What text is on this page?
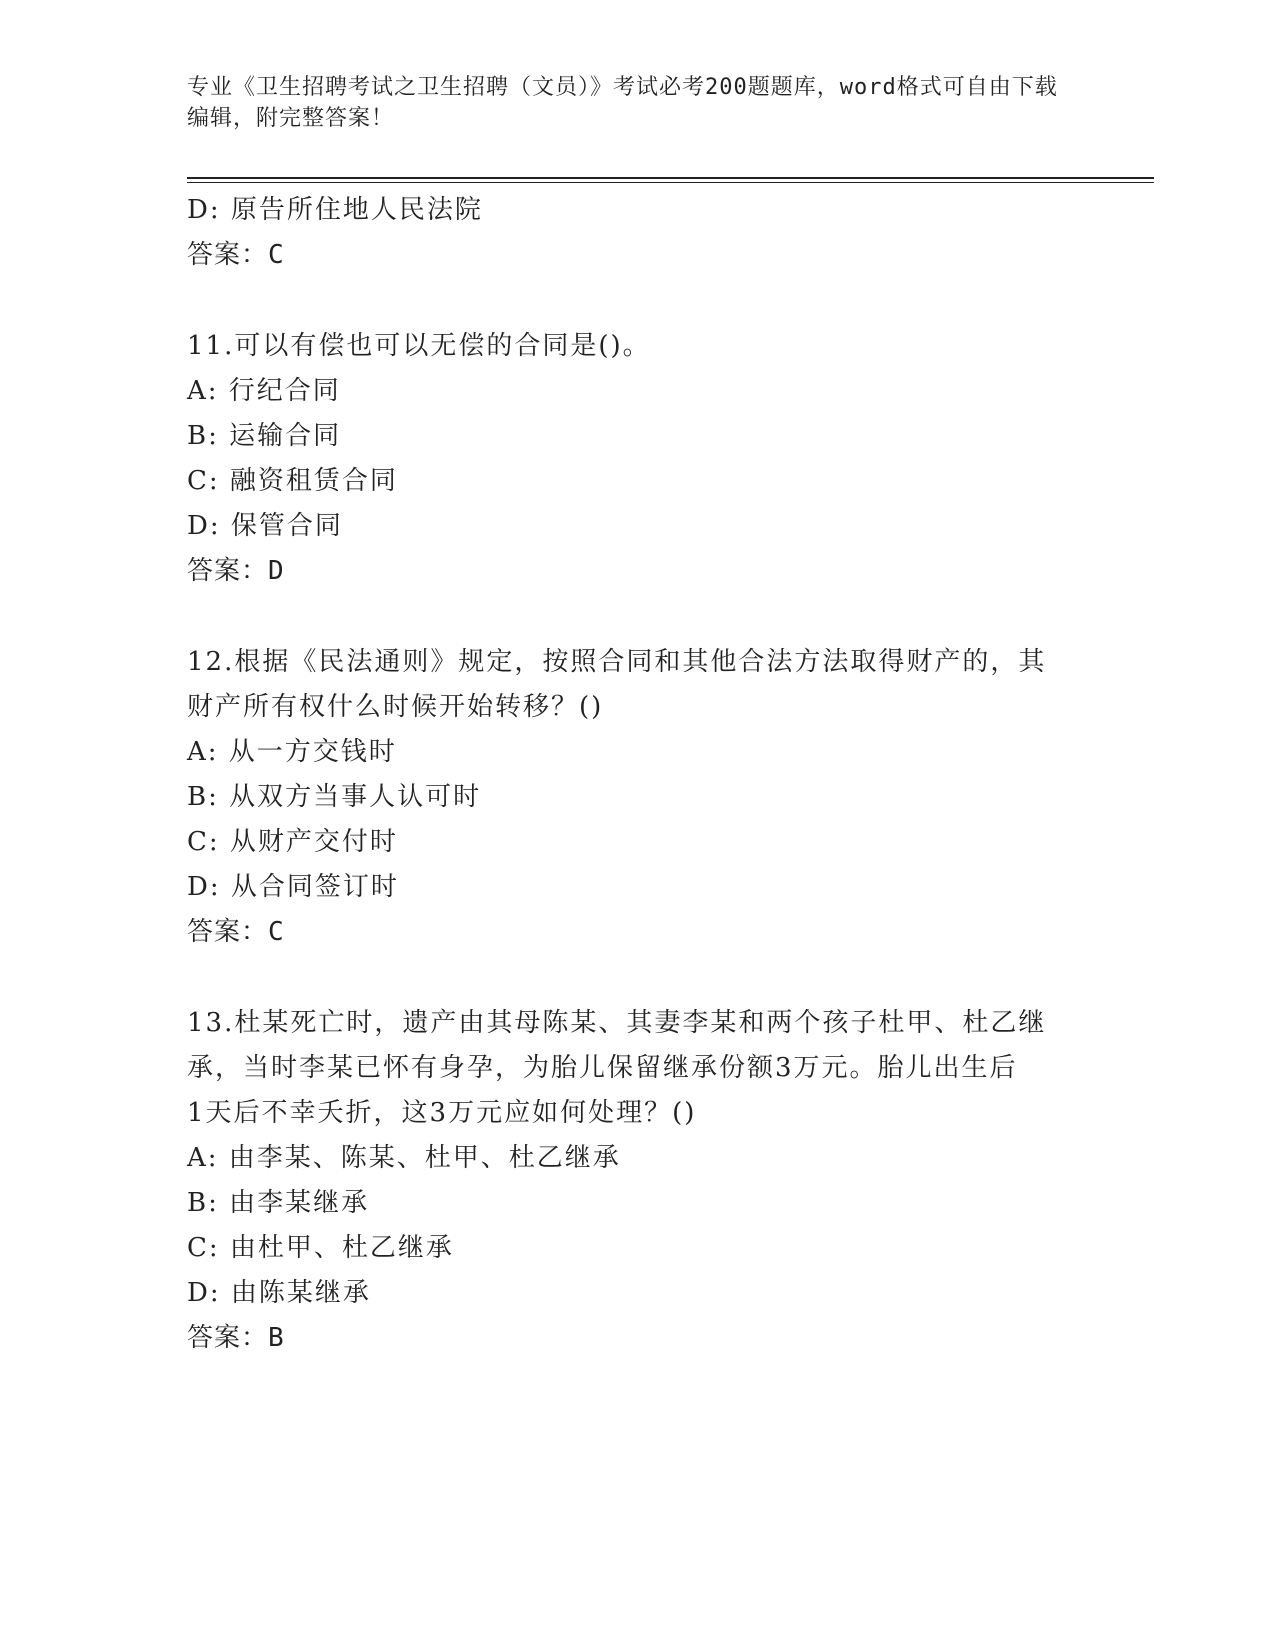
专业《卫生招聘考试之卫生招聘（文员）》考试必考200题题库，word格式可自由下载编辑，附完整答案！
D: 原告所住地人民法院
答案：C
11.可以有偿也可以无偿的合同是()。
A: 行纪合同
B: 运输合同
C: 融资租赁合同
D: 保管合同
答案：D
12.根据《民法通则》规定，按照合同和其他合法方法取得财产的，其
财产所有权什么时候开始转移？()
A: 从一方交钱时
B: 从双方当事人认可时
C: 从财产交付时
D: 从合同签订时
答案：C
13.杜某死亡时，遗产由其母陈某、其妻李某和两个孩子杜甲、杜乙继
承，当时李某已怀有身孕，为胎儿保留继承份额3万元。胎儿出生后
1天后不幸夭折，这3万元应如何处理？()
A: 由李某、陈某、杜甲、杜乙继承
B: 由李某继承
C: 由杜甲、杜乙继承
D: 由陈某继承
答案：B
